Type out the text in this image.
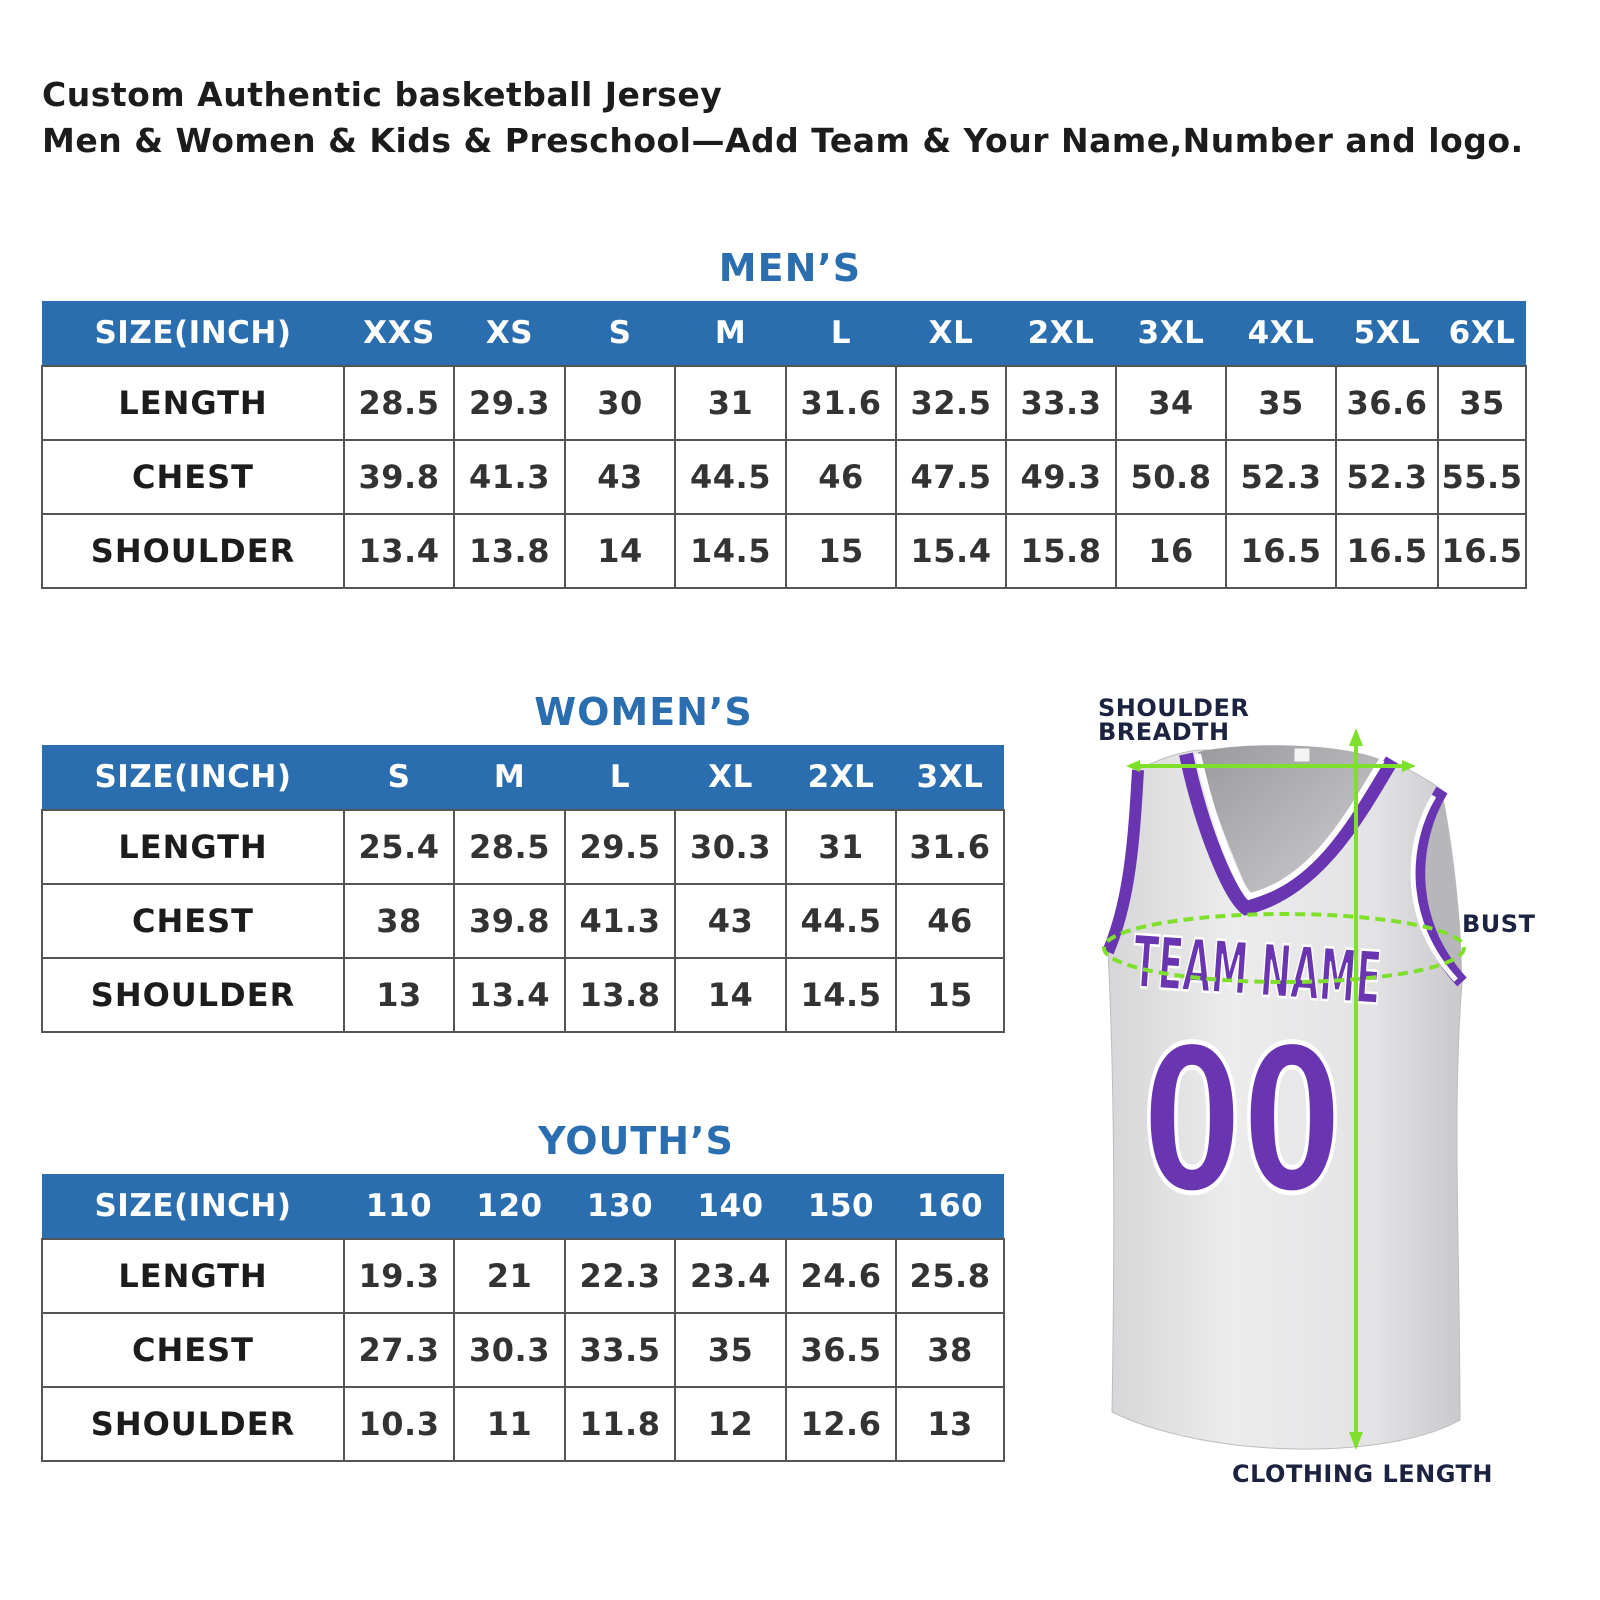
Custom Authentic basketball Jersey
Men & Women & Kids & Preschool—Add Team & Your Name,Number and logo.
MEN’S
SIZE(INCH)	XXS	XS	S	M	L	XL	2XL	3XL	4XL	5XL	6XL
LENGTH	28.5	29.3	30	31	31.6	32.5	33.3	34	35	36.6	35
CHEST	39.8	41.3	43	44.5	46	47.5	49.3	50.8	52.3	52.3	55.5
SHOULDER	13.4	13.8	14	14.5	15	15.4	15.8	16	16.5	16.5	16.5
WOMEN’S
SIZE(INCH)	S	M	L	XL	2XL	3XL
LENGTH	25.4	28.5	29.5	30.3	31	31.6
CHEST	38	39.8	41.3	43	44.5	46
SHOULDER	13	13.4	13.8	14	14.5	15
YOUTH’S
SIZE(INCH)	110	120	130	140	150	160
LENGTH	19.3	21	22.3	23.4	24.6	25.8
CHEST	27.3	30.3	33.5	35	36.5	38
SHOULDER	10.3	11	11.8	12	12.6	13

SHOULDER
BREADTH

BUST

CLOTHING LENGTH

TEAM NAME
00
